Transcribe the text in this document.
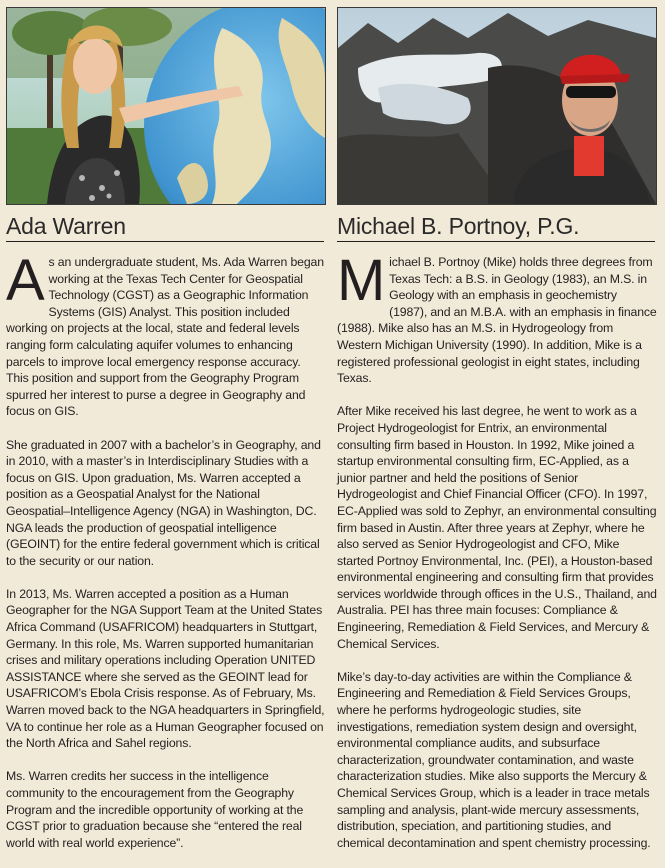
Ada Warren

As an undergraduate student, Ms. Ada Warren began working at the Texas Tech Center for Geospatial Technology (CGST) as a Geographic Information Systems (GIS) Analyst. This position included working on projects at the local, state and federal levels ranging form calculating aquifer volumes to enhancing parcels to improve local emergency response accuracy. This position and support from the Geography Program spurred her interest to purse a degree in Geography and focus on GIS.

She graduated in 2007 with a bachelor’s in Geography, and in 2010, with a master’s in Interdisciplinary Studies with a focus on GIS. Upon graduation, Ms. Warren accepted a position as a Geospatial Analyst for the National Geospatial–Intelligence Agency (NGA) in Washington, DC. NGA leads the production of geospatial intelligence (GEOINT) for the entire federal government which is critical to the security or our nation.

In 2013, Ms. Warren accepted a position as a Human Geographer for the NGA Support Team at the United States Africa Command (USAFRICOM) headquarters in Stuttgart, Germany. In this role, Ms. Warren supported humanitarian crises and military operations including Operation UNITED ASSISTANCE where she served as the GEOINT lead for USAFRICOM’s Ebola Crisis response. As of February, Ms. Warren moved back to the NGA headquarters in Springfield, VA to continue her role as a Human Geographer focused on the North Africa and Sahel regions.

Ms. Warren credits her success in the intelligence community to the encouragement from the Geography Program and the incredible opportunity of working at the CGST prior to graduation because she “entered the real world with real world experience”.

Michael B. Portnoy, P.G.

Michael B. Portnoy (Mike) holds three degrees from Texas Tech: a B.S. in Geology (1983), an M.S. in Geology with an emphasis in geochemistry (1987), and an M.B.A. with an emphasis in finance (1988). Mike also has an M.S. in Hydrogeology from Western Michigan University (1990). In addition, Mike is a registered professional geologist in eight states, including Texas.

After Mike received his last degree, he went to work as a Project Hydrogeologist for Entrix, an environmental consulting firm based in Houston. In 1992, Mike joined a startup environmental consulting firm, EC-Applied, as a junior partner and held the positions of Senior Hydrogeologist and Chief Financial Officer (CFO). In 1997, EC-Applied was sold to Zephyr, an environmental consulting firm based in Austin. After three years at Zephyr, where he also served as Senior Hydrogeologist and CFO, Mike started Portnoy Environmental, Inc. (PEI), a Houston-based environmental engineering and consulting firm that provides services worldwide through offices in the U.S., Thailand, and Australia. PEI has three main focuses: Compliance & Engineering, Remediation & Field Services, and Mercury & Chemical Services.

Mike’s day-to-day activities are within the Compliance & Engineering and Remediation & Field Services Groups, where he performs hydrogeologic studies, site investigations, remediation system design and oversight, environmental compliance audits, and subsurface characterization, groundwater contamination, and waste characterization studies. Mike also supports the Mercury & Chemical Services Group, which is a leader in trace metals sampling and analysis, plant-wide mercury assessments, distribution, speciation, and partitioning studies, and chemical decontamination and spent chemistry processing.
